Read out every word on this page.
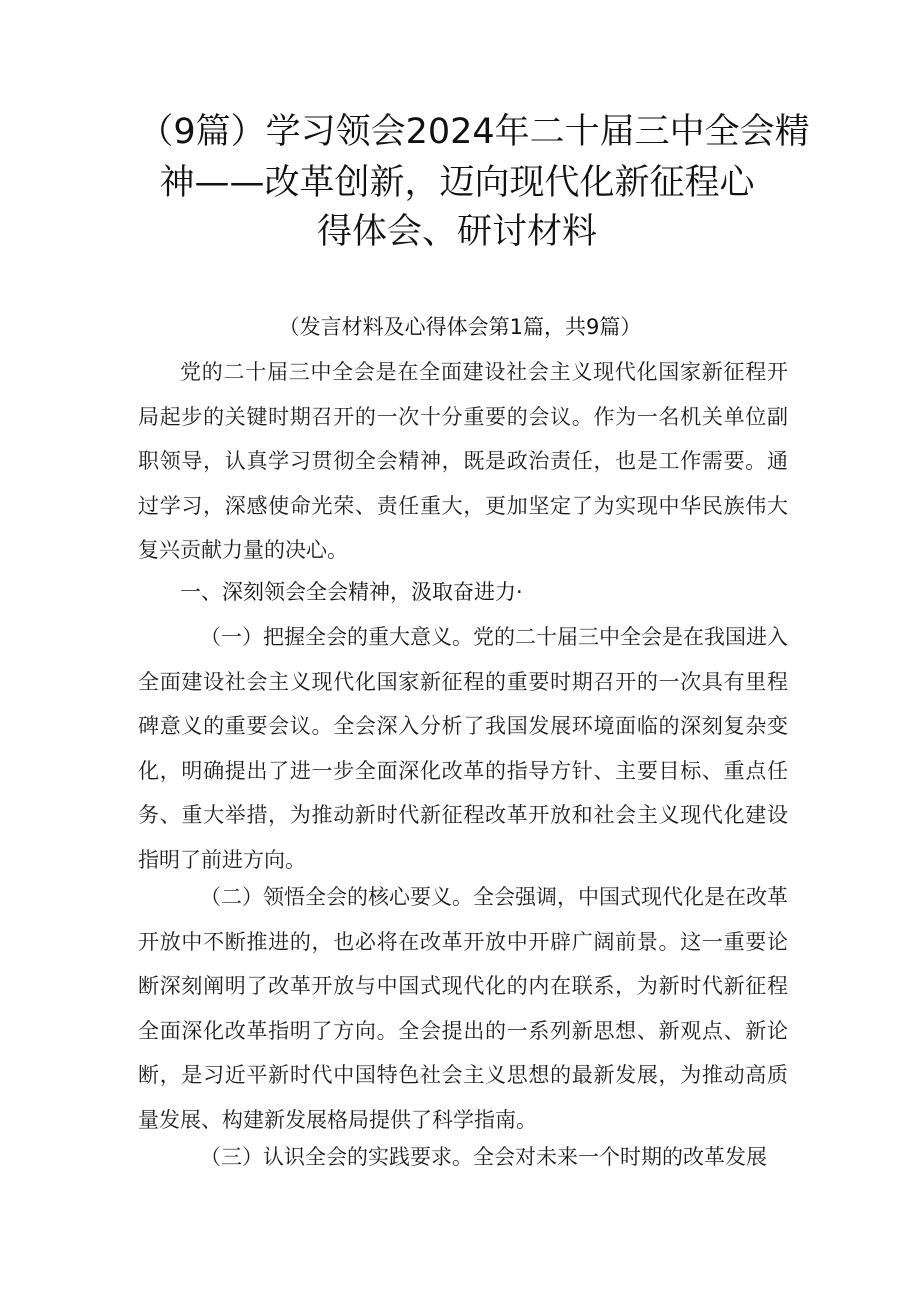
（9篇）学习领会2024年二十届三中全会精
神——改革创新，迈向现代化新征程心
得体会、研讨材料
（发言材料及心得体会第1篇，共9篇）

党的二十届三中全会是在全面建设社会主义现代化国家新征程开局起步的关键时期召开的一次十分重要的会议。作为一名机关单位副职领导，认真学习贯彻全会精神，既是政治责任，也是工作需要。通过学习，深感使命光荣、责任重大，更加坚定了为实现中华民族伟大复兴贡献力量的决心。

一、深刻领会全会精神，汲取奋进力·

（一）把握全会的重大意义。党的二十届三中全会是在我国进入全面建设社会主义现代化国家新征程的重要时期召开的一次具有里程碑意义的重要会议。全会深入分析了我国发展环境面临的深刻复杂变化，明确提出了进一步全面深化改革的指导方针、主要目标、重点任务、重大举措，为推动新时代新征程改革开放和社会主义现代化建设指明了前进方向。

（二）领悟全会的核心要义。全会强调，中国式现代化是在改革开放中不断推进的，也必将在改革开放中开辟广阔前景。这一重要论断深刻阐明了改革开放与中国式现代化的内在联系，为新时代新征程全面深化改革指明了方向。全会提出的一系列新思想、新观点、新论断，是习近平新时代中国特色社会主义思想的最新发展，为推动高质量发展、构建新发展格局提供了科学指南。

（三）认识全会的实践要求。全会对未来一个时期的改革发展
